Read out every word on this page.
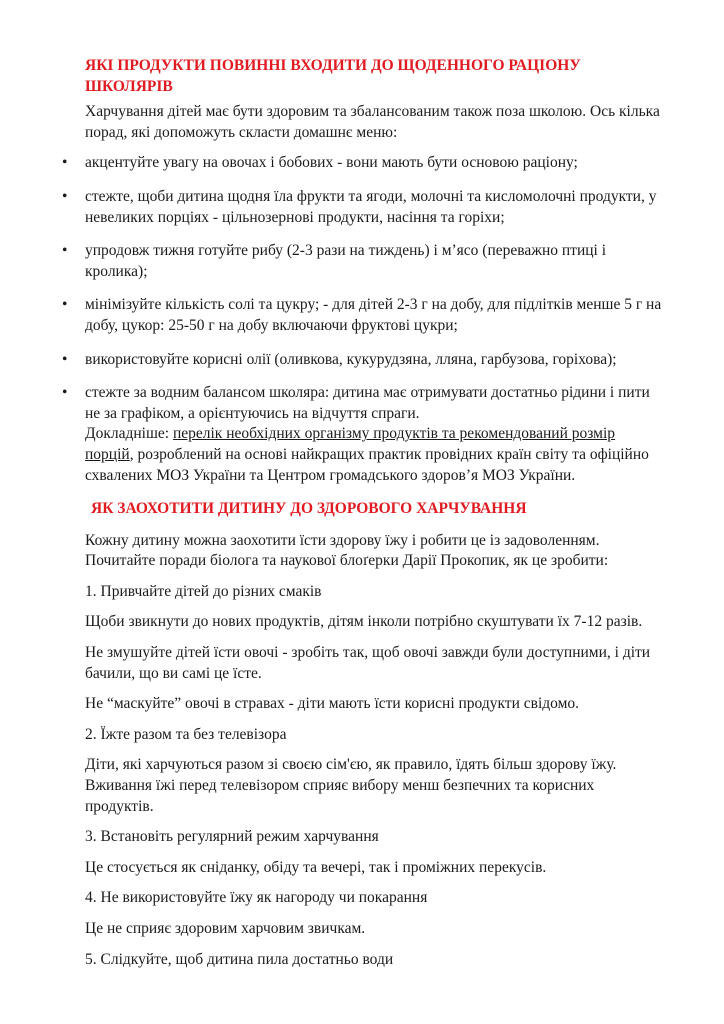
ЯКІ ПРОДУКТИ ПОВИННІ ВХОДИТИ ДО ЩОДЕННОГО РАЦІОНУ ШКОЛЯРІВ

Харчування дітей має бути здоровим та збалансованим також поза школою. Ось кілька порад, які допоможуть скласти домашнє меню:

• акцентуйте увагу на овочах і бобових - вони мають бути основою раціону;
• стежте, щоби дитина щодня їла фрукти та ягоди, молочні та кисломолочні продукти, у невеликих порціях - цільнозернові продукти, насіння та горіхи;
• упродовж тижня готуйте рибу (2-3 рази на тиждень) і м’ясо (переважно птиці і кролика);
• мінімізуйте кількість солі та цукру; - для дітей 2-3 г на добу, для підлітків менше 5 г на добу, цукор: 25-50 г на добу включаючи фруктові цукри;
• використовуйте корисні олії (оливкова, кукурудзяна, лляна, гарбузова, горіхова);
• стежте за водним балансом школяра: дитина має отримувати достатньо рідини і пити не за графіком, а орієнтуючись на відчуття спраги.
Докладніше: перелік необхідних організму продуктів та рекомендований розмір порцій, розроблений на основі найкращих практик провідних країн світу та офіційно схвалених МОЗ України та Центром громадського здоров’я МОЗ України.
ЯК ЗАОХОТИТИ ДИТИНУ ДО ЗДОРОВОГО ХАРЧУВАННЯ

Кожну дитину можна заохотити їсти здорову їжу і робити це із задоволенням. Почитайте поради біолога та наукової блоґерки Дарії Прокопик, як це зробити:

1. Привчайте дітей до різних смаків

Щоби звикнути до нових продуктів, дітям інколи потрібно скуштувати їх 7-12 разів.

Не змушуйте дітей їсти овочі - зробіть так, щоб овочі завжди були доступними, і діти бачили, що ви самі це їсте.

Не “маскуйте” овочі в стравах - діти мають їсти корисні продукти свідомо.

2. Їжте разом та без телевізора

Діти, які харчуються разом зі своєю сім'єю, як правило, їдять більш здорову їжу. Вживання їжі перед телевізором сприяє вибору менш безпечних та корисних продуктів.

3. Встановіть регулярний режим харчування

Це стосується як сніданку, обіду та вечері, так і проміжних перекусів.

4. Не використовуйте їжу як нагороду чи покарання

Це не сприяє здоровим харчовим звичкам.

5. Слідкуйте, щоб дитина пила достатньо води
